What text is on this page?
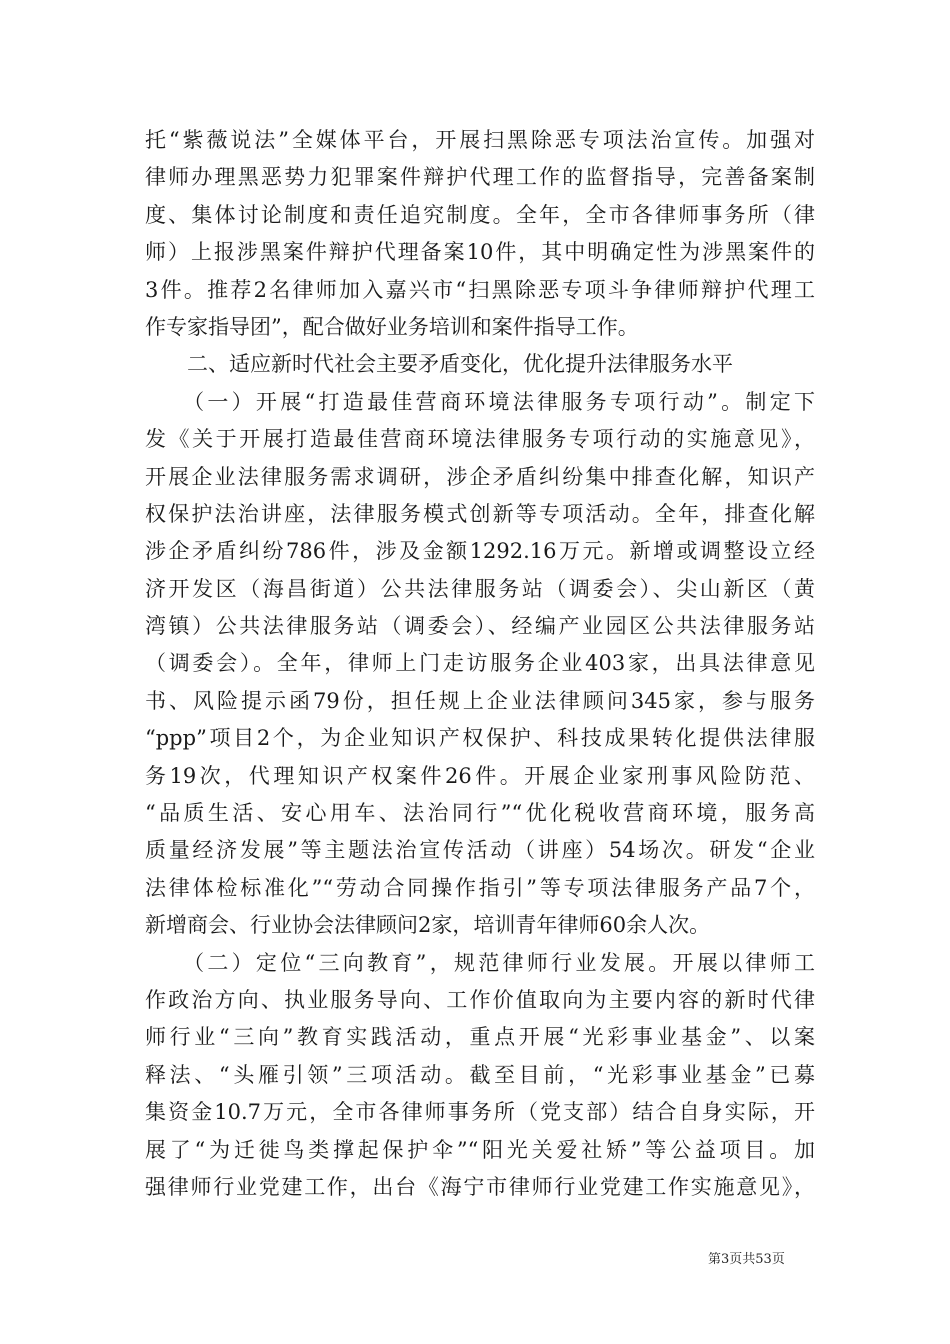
托“紫薇说法”全媒体平台，开展扫黑除恶专项法治宣传。加强对
律师办理黑恶势力犯罪案件辩护代理工作的监督指导，完善备案制
度、集体讨论制度和责任追究制度。全年，全市各律师事务所（律
师）上报涉黑案件辩护代理备案10件，其中明确定性为涉黑案件的
3件。推荐2名律师加入嘉兴市“扫黑除恶专项斗争律师辩护代理工
作专家指导团”，配合做好业务培训和案件指导工作。
　　二、适应新时代社会主要矛盾变化，优化提升法律服务水平
　　（一）开展“打造最佳营商环境法律服务专项行动”。制定下
发《关于开展打造最佳营商环境法律服务专项行动的实施意见》，
开展企业法律服务需求调研，涉企矛盾纠纷集中排查化解，知识产
权保护法治讲座，法律服务模式创新等专项活动。全年，排查化解
涉企矛盾纠纷786件，涉及金额1292.16万元。新增或调整设立经
济开发区（海昌街道）公共法律服务站（调委会）、尖山新区（黄
湾镇）公共法律服务站（调委会）、经编产业园区公共法律服务站
（调委会）。全年，律师上门走访服务企业403家，出具法律意见
书、风险提示函79份，担任规上企业法律顾问345家，参与服务
“ppp”项目2个，为企业知识产权保护、科技成果转化提供法律服
务19次，代理知识产权案件26件。开展企业家刑事风险防范、
“品质生活、安心用车、法治同行”“优化税收营商环境，服务高
质量经济发展”等主题法治宣传活动（讲座）54场次。研发“企业
法律体检标准化”“劳动合同操作指引”等专项法律服务产品7个，
新增商会、行业协会法律顾问2家，培训青年律师60余人次。
　　（二）定位“三向教育”，规范律师行业发展。开展以律师工
作政治方向、执业服务导向、工作价值取向为主要内容的新时代律
师行业“三向”教育实践活动，重点开展“光彩事业基金”、以案
释法、“头雁引领”三项活动。截至目前，“光彩事业基金”已募
集资金10.7万元，全市各律师事务所（党支部）结合自身实际，开
展了“为迁徙鸟类撑起保护伞”“阳光关爱社矫”等公益项目。加
强律师行业党建工作，出台《海宁市律师行业党建工作实施意见》，
第3页共53页
